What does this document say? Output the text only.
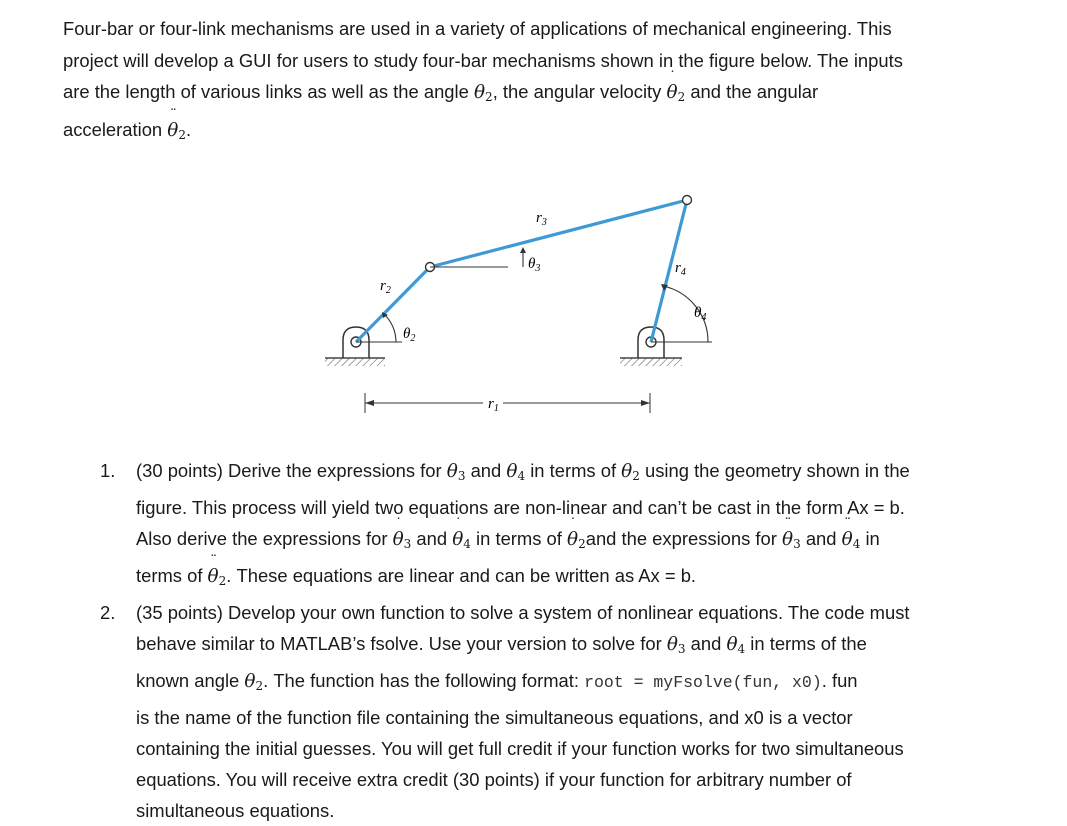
Four-bar or four-link mechanisms are used in a variety of applications of mechanical engineering. This
project will develop a GUI for users to study four-bar mechanisms shown in the figure below. The inputs
are the length of various links as well as the angle $\theta_2$, the angular velocity ˙ $\theta_2$ and the angular
acceleration ¨ $\theta_2$.
$r_1$
$r_2$
$r_3$
$r_4$
$\theta_2$
$\theta_3$
$\theta_4$
1. (30 points) Derive the expressions for $\theta_3$ and $\theta_4$ in terms of $\theta_2$ using the geometry shown in the
figure. This process will yield two equations are non-linear and can’t be cast in the form Ax = b.
Also derive the expressions for ˙ $\theta_3$ and ˙ $\theta_4$ in terms of ˙ $\theta_2and$ the expressions for ¨ $\theta_3$ and ¨ $\theta_4$ in
terms of ¨ $\theta_2$. These equations are linear and can be written as Ax = b.
2. (35 points) Develop your own function to solve a system of nonlinear equations. The code must
behave similar to MATLAB’s fsolve. Use your version to solve for $\theta_3$ and $\theta_4$ in terms of the
known angle $\theta_2$. The function has the following format: root = myFsolve(fun, x0). fun
is the name of the function file containing the simultaneous equations, and x0 is a vector
containing the initial guesses. You will get full credit if your function works for two simultaneous
equations. You will receive extra credit (30 points) if your function for arbitrary number of
simultaneous equations.
